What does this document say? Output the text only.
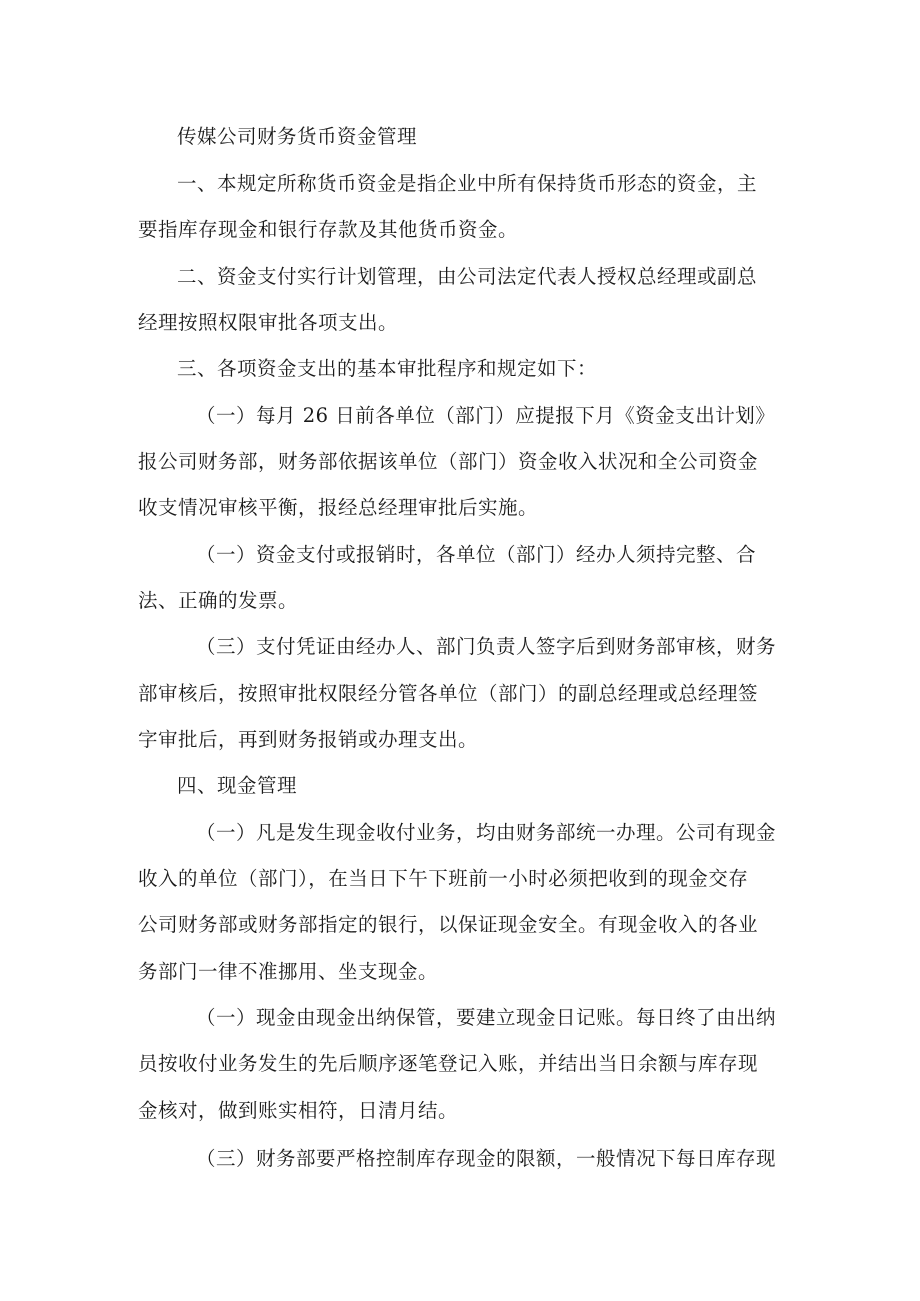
传媒公司财务货币资金管理
一、本规定所称货币资金是指企业中所有保持货币形态的资金，主
要指库存现金和银行存款及其他货币资金。
二、资金支付实行计划管理，由公司法定代表人授权总经理或副总
经理按照权限审批各项支出。
三、各项资金支出的基本审批程序和规定如下：
（一）每月 26 日前各单位（部门）应提报下月《资金支出计划》
报公司财务部，财务部依据该单位（部门）资金收入状况和全公司资金
收支情况审核平衡，报经总经理审批后实施。
（一）资金支付或报销时，各单位（部门）经办人须持完整、合
法、正确的发票。
（三）支付凭证由经办人、部门负责人签字后到财务部审核，财务
部审核后，按照审批权限经分管各单位（部门）的副总经理或总经理签
字审批后，再到财务报销或办理支出。
四、现金管理
（一）凡是发生现金收付业务，均由财务部统一办理。公司有现金
收入的单位（部门），在当日下午下班前一小时必须把收到的现金交存
公司财务部或财务部指定的银行，以保证现金安全。有现金收入的各业
务部门一律不准挪用、坐支现金。
（一）现金由现金出纳保管，要建立现金日记账。每日终了由出纳
员按收付业务发生的先后顺序逐笔登记入账，并结出当日余额与库存现
金核对，做到账实相符，日清月结。
（三）财务部要严格控制库存现金的限额，一般情况下每日库存现
